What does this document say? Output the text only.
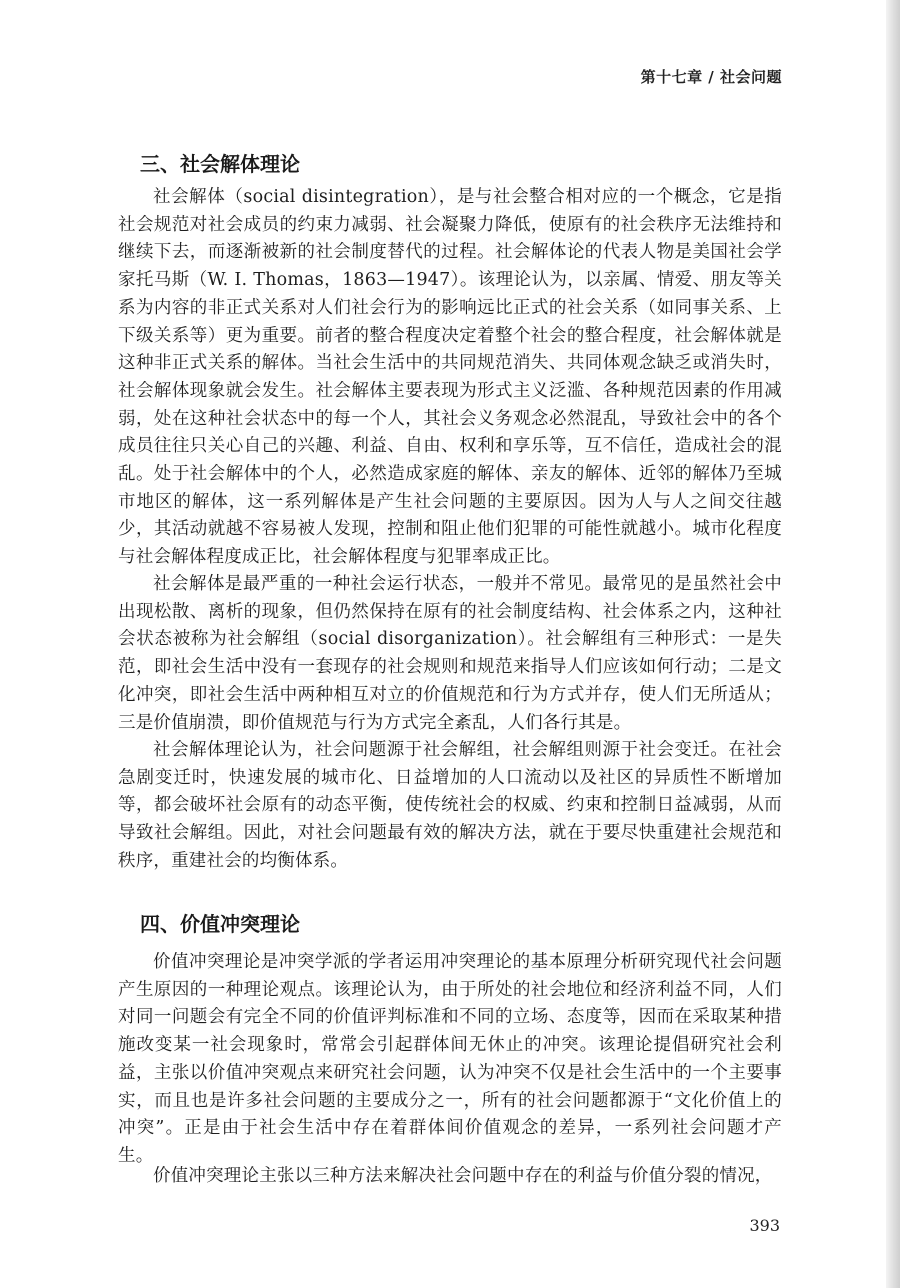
第十七章 / 社会问题
三、社会解体理论

社会解体（social disintegration），是与社会整合相对应的一个概念，它是指社会规范对社会成员的约束力减弱、社会凝聚力降低，使原有的社会秩序无法维持和继续下去，而逐渐被新的社会制度替代的过程。社会解体论的代表人物是美国社会学家托马斯（W. I. Thomas，1863—1947）。该理论认为，以亲属、情爱、朋友等关系为内容的非正式关系对人们社会行为的影响远比正式的社会关系（如同事关系、上下级关系等）更为重要。前者的整合程度决定着整个社会的整合程度，社会解体就是这种非正式关系的解体。当社会生活中的共同规范消失、共同体观念缺乏或消失时，社会解体现象就会发生。社会解体主要表现为形式主义泛滥、各种规范因素的作用减弱，处在这种社会状态中的每一个人，其社会义务观念必然混乱，导致社会中的各个成员往往只关心自己的兴趣、利益、自由、权利和享乐等，互不信任，造成社会的混乱。处于社会解体中的个人，必然造成家庭的解体、亲友的解体、近邻的解体乃至城市地区的解体，这一系列解体是产生社会问题的主要原因。因为人与人之间交往越少，其活动就越不容易被人发现，控制和阻止他们犯罪的可能性就越小。城市化程度与社会解体程度成正比，社会解体程度与犯罪率成正比。

社会解体是最严重的一种社会运行状态，一般并不常见。最常见的是虽然社会中出现松散、离析的现象，但仍然保持在原有的社会制度结构、社会体系之内，这种社会状态被称为社会解组（social disorganization）。社会解组有三种形式：一是失范，即社会生活中没有一套现存的社会规则和规范来指导人们应该如何行动；二是文化冲突，即社会生活中两种相互对立的价值规范和行为方式并存，使人们无所适从；三是价值崩溃，即价值规范与行为方式完全紊乱，人们各行其是。

社会解体理论认为，社会问题源于社会解组，社会解组则源于社会变迁。在社会急剧变迁时，快速发展的城市化、日益增加的人口流动以及社区的异质性不断增加等，都会破坏社会原有的动态平衡，使传统社会的权威、约束和控制日益减弱，从而导致社会解组。因此，对社会问题最有效的解决方法，就在于要尽快重建社会规范和秩序，重建社会的均衡体系。

四、价值冲突理论

价值冲突理论是冲突学派的学者运用冲突理论的基本原理分析研究现代社会问题产生原因的一种理论观点。该理论认为，由于所处的社会地位和经济利益不同，人们对同一问题会有完全不同的价值评判标准和不同的立场、态度等，因而在采取某种措施改变某一社会现象时，常常会引起群体间无休止的冲突。该理论提倡研究社会利益，主张以价值冲突观点来研究社会问题，认为冲突不仅是社会生活中的一个主要事实，而且也是许多社会问题的主要成分之一，所有的社会问题都源于“文化价值上的冲突”。正是由于社会生活中存在着群体间价值观念的差异，一系列社会问题才产生。

价值冲突理论主张以三种方法来解决社会问题中存在的利益与价值分裂的情况，

393
